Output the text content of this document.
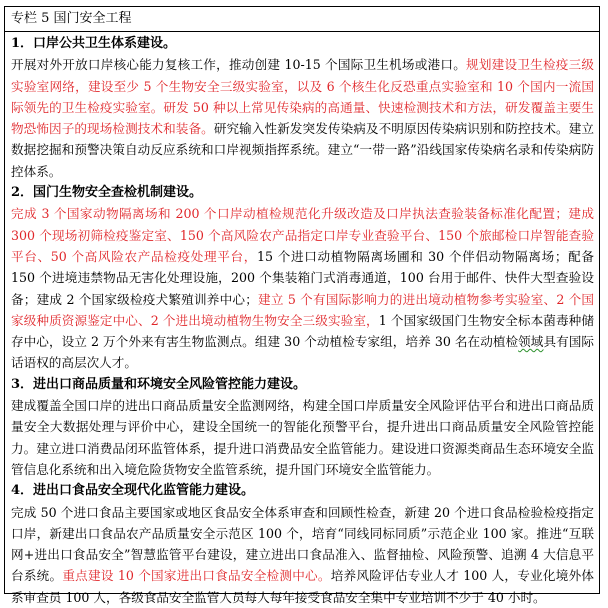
专栏 5 国门安全工程
1．口岸公共卫生体系建设。
开展对外开放口岸核心能力复核工作，推动创建 10-15 个国际卫生机场或港口。规划建设卫生检疫三级实验室网络，建设至少 5 个生物安全三级实验室，以及 6 个核生化反恐重点实验室和 10 个国内一流国际领先的卫生检疫实验室。研发 50 种以上常见传染病的高通量、快速检测技术和方法，研发覆盖主要生物恐怖因子的现场检测技术和装备。研究输入性新发突发传染病及不明原因传染病识别和防控技术。建立数据挖掘和预警决策自动反应系统和口岸视频指挥系统。建立“一带一路”沿线国家传染病名录和传染病防控体系。
2．国门生物安全查检机制建设。
完成 3 个国家动物隔离场和 200 个口岸动植检规范化升级改造及口岸执法查验装备标准化配置；建成 300 个现场初筛检疫鉴定室、150 个高风险农产品指定口岸专业查验平台、150 个旅邮检口岸智能查验平台、50 个高风险农产品检疫处理平台，15 个进口动植物隔离场圃和 30 个伴侣动物隔离场；配备 150 个进境违禁物品无害化处理设施，200 个集装箱门式消毒通道，100 台用于邮件、快件大型查验设备；建成 2 个国家级检疫犬繁殖训养中心；建立 5 个有国际影响力的进出境动植物参考实验室、2 个国家级种质资源鉴定中心、2 个进出境动植物生物安全三级实验室，1 个国家级国门生物安全标本菌毒种储存中心，设立 2 万个外来有害生物监测点。组建 30 个动植检专家组，培养 30 名在动植检领域具有国际话语权的高层次人才。
3．进出口商品质量和环境安全风险管控能力建设。
建成覆盖全国口岸的进出口商品质量安全监测网络，构建全国口岸质量安全风险评估平台和进出口商品质量安全大数据处理与评价中心，建设全国统一的智能化预警平台，提升进出口商品质量安全风险管控能力。建立进口消费品闭环监管体系，提升进口消费品安全监管能力。建设进口资源类商品生态环境安全监管信息化系统和出入境危险货物安全监管系统，提升国门环境安全监管能力。
4．进出口食品安全现代化监管能力建设。
完成 50 个进口食品主要国家或地区食品安全体系审查和回顾性检查，新建 20 个进口食品检验检疫指定口岸，新建出口食品农产品质量安全示范区 100 个，培育“同线同标同质”示范企业 100 家。推进“互联网+进出口食品安全”智慧监管平台建设，建立进出口食品准入、监督抽检、风险预警、追溯 4 大信息平台系统。重点建设 10 个国家进出口食品安全检测中心。培养风险评估专业人才 100 人，专业化境外体系审查员 100 人，各级食品安全监管人员每人每年接受食品安全集中专业培训不少于 40 小时。
